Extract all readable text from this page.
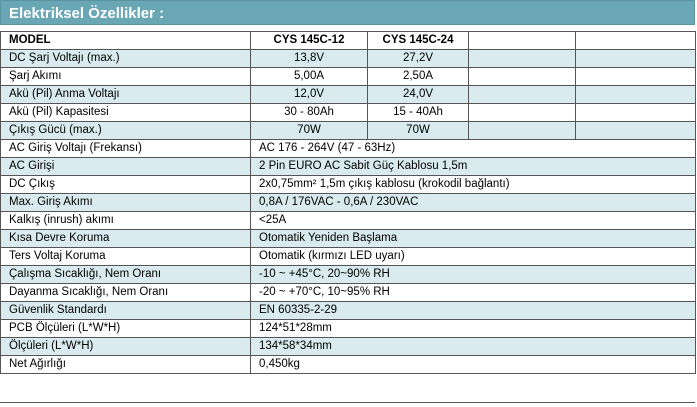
Elektriksel Özellikler :
MODEL	CYS 145C-12	CYS 145C-24		
DC Şarj Voltajı (max.)	13,8V	27,2V		
Şarj Akımı	5,00A	2,50A		
Akü (Pil) Anma Voltajı	12,0V	24,0V		
Akü (Pil) Kapasitesi	30 - 80Ah	15 - 40Ah		
Çıkış Gücü (max.)	70W	70W		
AC Giriş Voltajı (Frekansı)	AC 176 - 264V (47 - 63Hz)			
AC Girişi	2 Pin EURO AC Sabit Güç Kablosu 1,5m			
DC Çıkış	2x0,75mm² 1,5m çıkış kablosu (krokodil bağlantı)			
Max. Giriş Akımı	0,8A / 176VAC - 0,6A / 230VAC			
Kalkış (inrush) akımı	<25A			
Kısa Devre Koruma	Otomatik Yeniden Başlama			
Ters Voltaj Koruma	Otomatik (kırmızı LED uyarı)			
Çalışma Sıcaklığı, Nem Oranı	-10 ~ +45°C, 20~90% RH			
Dayanma Sıcaklığı, Nem Oranı	-20 ~ +70°C, 10~95% RH			
Güvenlik Standardı	EN 60335-2-29			
PCB Ölçüleri (L*W*H)	124*51*28mm			
Ölçüleri (L*W*H)	134*58*34mm			
Net Ağırlığı	0,450kg			
